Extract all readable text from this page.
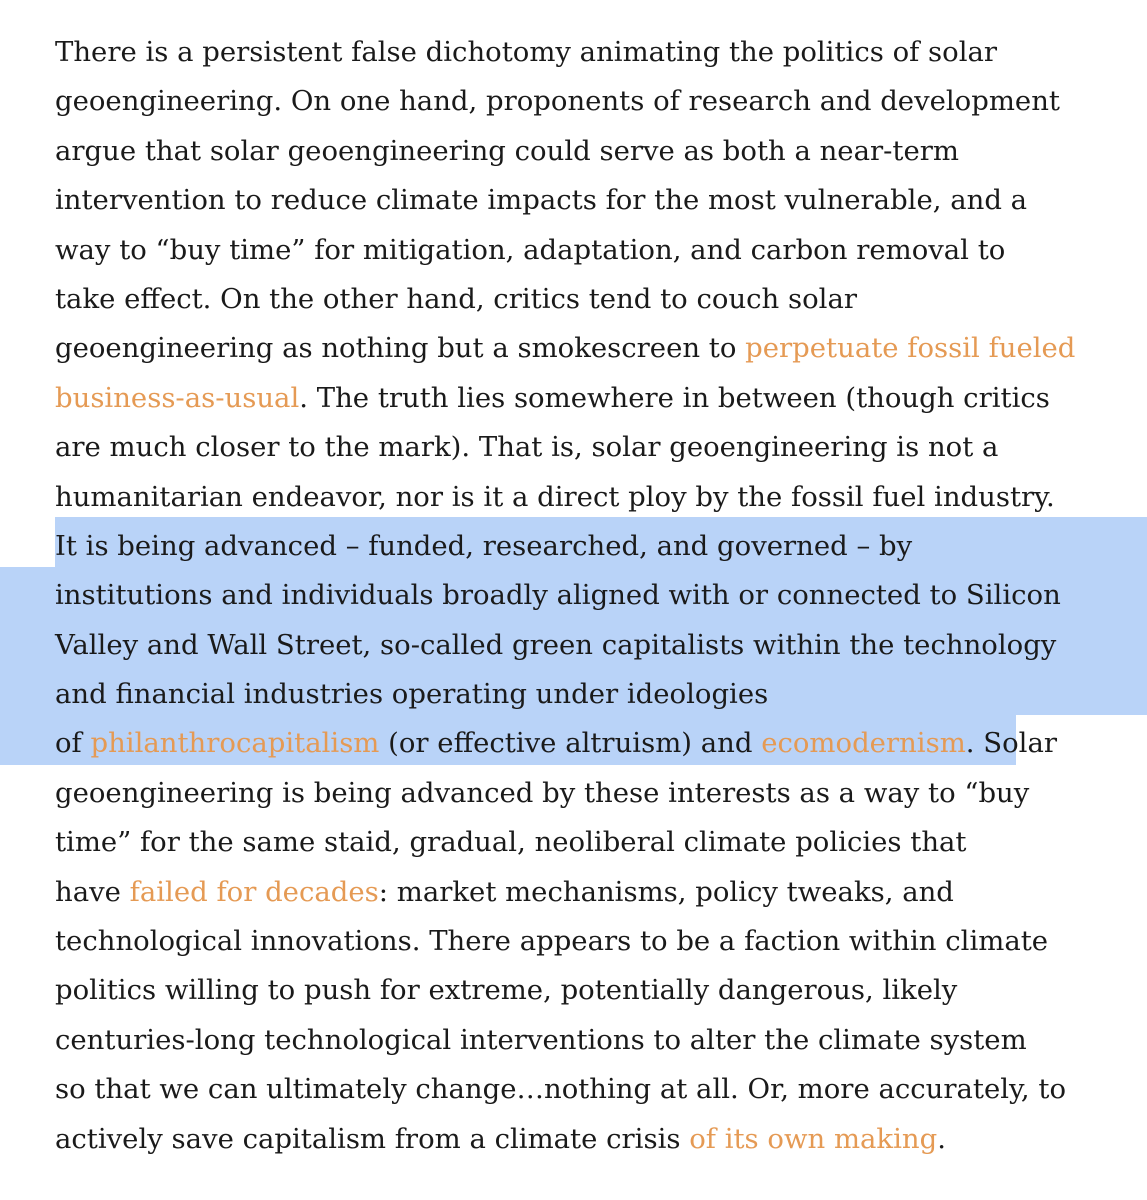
There is a persistent false dichotomy animating the politics of solar
geoengineering. On one hand, proponents of research and development
argue that solar geoengineering could serve as both a near-term
intervention to reduce climate impacts for the most vulnerable, and a
way to “buy time” for mitigation, adaptation, and carbon removal to
take effect. On the other hand, critics tend to couch solar
geoengineering as nothing but a smokescreen to perpetuate fossil fueled
business-as-usual. The truth lies somewhere in between (though critics
are much closer to the mark). That is, solar geoengineering is not a
humanitarian endeavor, nor is it a direct ploy by the fossil fuel industry.
It is being advanced – funded, researched, and governed – by
institutions and individuals broadly aligned with or connected to Silicon
Valley and Wall Street, so-called green capitalists within the technology
and financial industries operating under ideologies
of philanthrocapitalism (or effective altruism) and ecomodernism. Solar
geoengineering is being advanced by these interests as a way to “buy
time” for the same staid, gradual, neoliberal climate policies that
have failed for decades: market mechanisms, policy tweaks, and
technological innovations. There appears to be a faction within climate
politics willing to push for extreme, potentially dangerous, likely
centuries-long technological interventions to alter the climate system
so that we can ultimately change…nothing at all. Or, more accurately, to
actively save capitalism from a climate crisis of its own making.
